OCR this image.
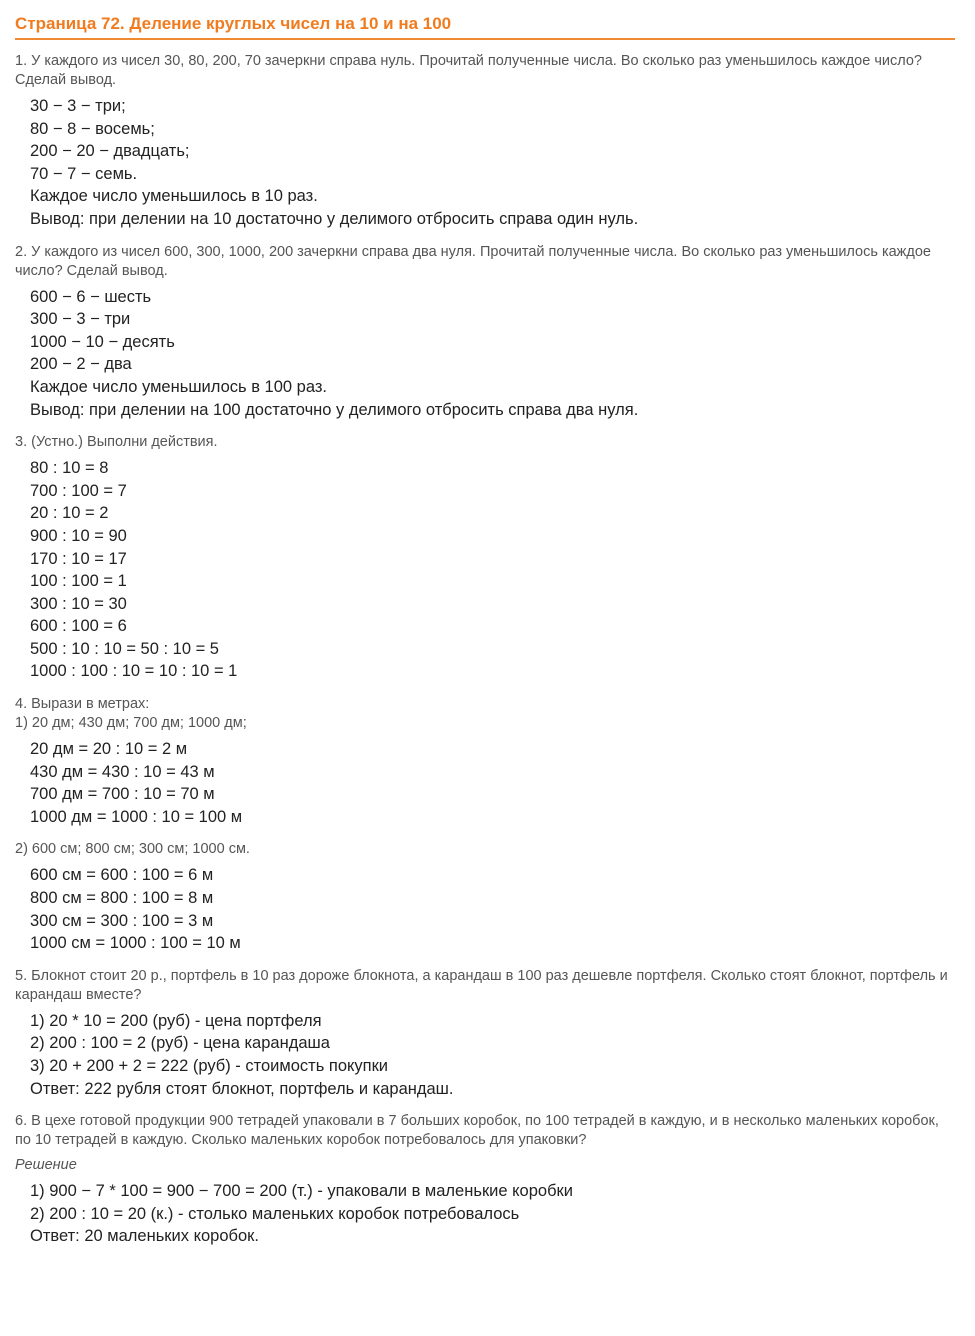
Страница 72. Деление круглых чисел на 10 и на 100

1. У каждого из чисел 30, 80, 200, 70 зачеркни справа нуль. Прочитай полученные числа. Во сколько раз уменьшилось каждое число? Сделай вывод.

30 − 3 − три;
80 − 8 − восемь;
200 − 20 − двадцать;
70 − 7 − семь.
Каждое число уменьшилось в 10 раз.
Вывод: при делении на 10 достаточно у делимого отбросить справа один нуль.

2. У каждого из чисел 600, 300, 1000, 200 зачеркни справа два нуля. Прочитай полученные числа. Во сколько раз уменьшилось каждое число? Сделай вывод.

600 − 6 − шесть
300 − 3 − три
1000 − 10 − десять
200 − 2 − два
Каждое число уменьшилось в 100 раз.
Вывод: при делении на 100 достаточно у делимого отбросить справа два нуля.

3. (Устно.) Выполни действия.

80 : 10 = 8
700 : 100 = 7
20 : 10 = 2
900 : 10 = 90
170 : 10 = 17
100 : 100 = 1
300 : 10 = 30
600 : 100 = 6
500 : 10 : 10 = 50 : 10 = 5
1000 : 100 : 10 = 10 : 10 = 1

4. Вырази в метрах:

1) 20 дм; 430 дм; 700 дм; 1000 дм;

20 дм = 20 : 10 = 2 м
430 дм = 430 : 10 = 43 м
700 дм = 700 : 10 = 70 м
1000 дм = 1000 : 10 = 100 м

2) 600 см; 800 см; 300 см; 1000 см.

600 см = 600 : 100 = 6 м
800 см = 800 : 100 = 8 м
300 см = 300 : 100 = 3 м
1000 см = 1000 : 100 = 10 м

5. Блокнот стоит 20 р., портфель в 10 раз дороже блокнота, а карандаш в 100 раз дешевле портфеля. Сколько стоят блокнот, портфель и карандаш вместе?

1) 20 * 10 = 200 (руб) - цена портфеля
2) 200 : 100 = 2 (руб) - цена карандаша
3) 20 + 200 + 2 = 222 (руб) - стоимость покупки
Ответ: 222 рубля стоят блокнот, портфель и карандаш.

6. В цехе готовой продукции 900 тетрадей упаковали в 7 больших коробок, по 100 тетрадей в каждую, и в несколько маленьких коробок, по 10 тетрадей в каждую. Сколько маленьких коробок потребовалось для упаковки?

Решение
1) 900 − 7 * 100 = 900 − 700 = 200 (т.) - упаковали в маленькие коробки
2) 200 : 10 = 20 (к.) - столько маленьких коробок потребовалось
Ответ: 20 маленьких коробок.
